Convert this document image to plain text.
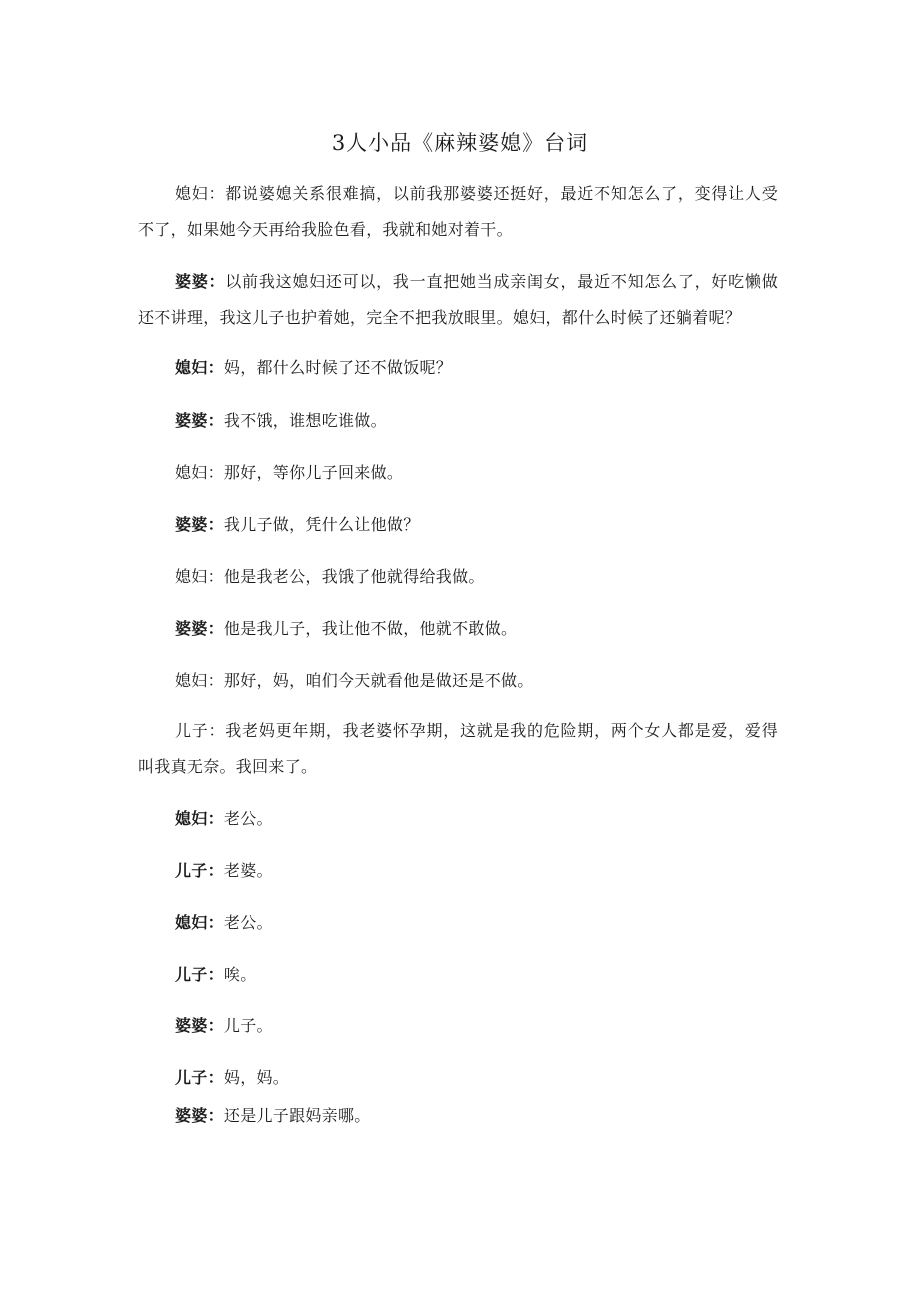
3人小品《麻辣婆媳》台词

媳妇：都说婆媳关系很难搞，以前我那婆婆还挺好，最近不知怎么了，变得让人受不了，如果她今天再给我脸色看，我就和她对着干。

婆婆：以前我这媳妇还可以，我一直把她当成亲闺女，最近不知怎么了，好吃懒做还不讲理，我这儿子也护着她，完全不把我放眼里。媳妇，都什么时候了还躺着呢？

媳妇：妈，都什么时候了还不做饭呢？

婆婆：我不饿，谁想吃谁做。

媳妇：那好，等你儿子回来做。

婆婆：我儿子做，凭什么让他做？

媳妇：他是我老公，我饿了他就得给我做。

婆婆：他是我儿子，我让他不做，他就不敢做。

媳妇：那好，妈，咱们今天就看他是做还是不做。

儿子：我老妈更年期，我老婆怀孕期，这就是我的危险期，两个女人都是爱，爱得叫我真无奈。我回来了。

媳妇：老公。

儿子：老婆。

媳妇：老公。

儿子：唉。

婆婆：儿子。

儿子：妈，妈。

婆婆：还是儿子跟妈亲哪。
